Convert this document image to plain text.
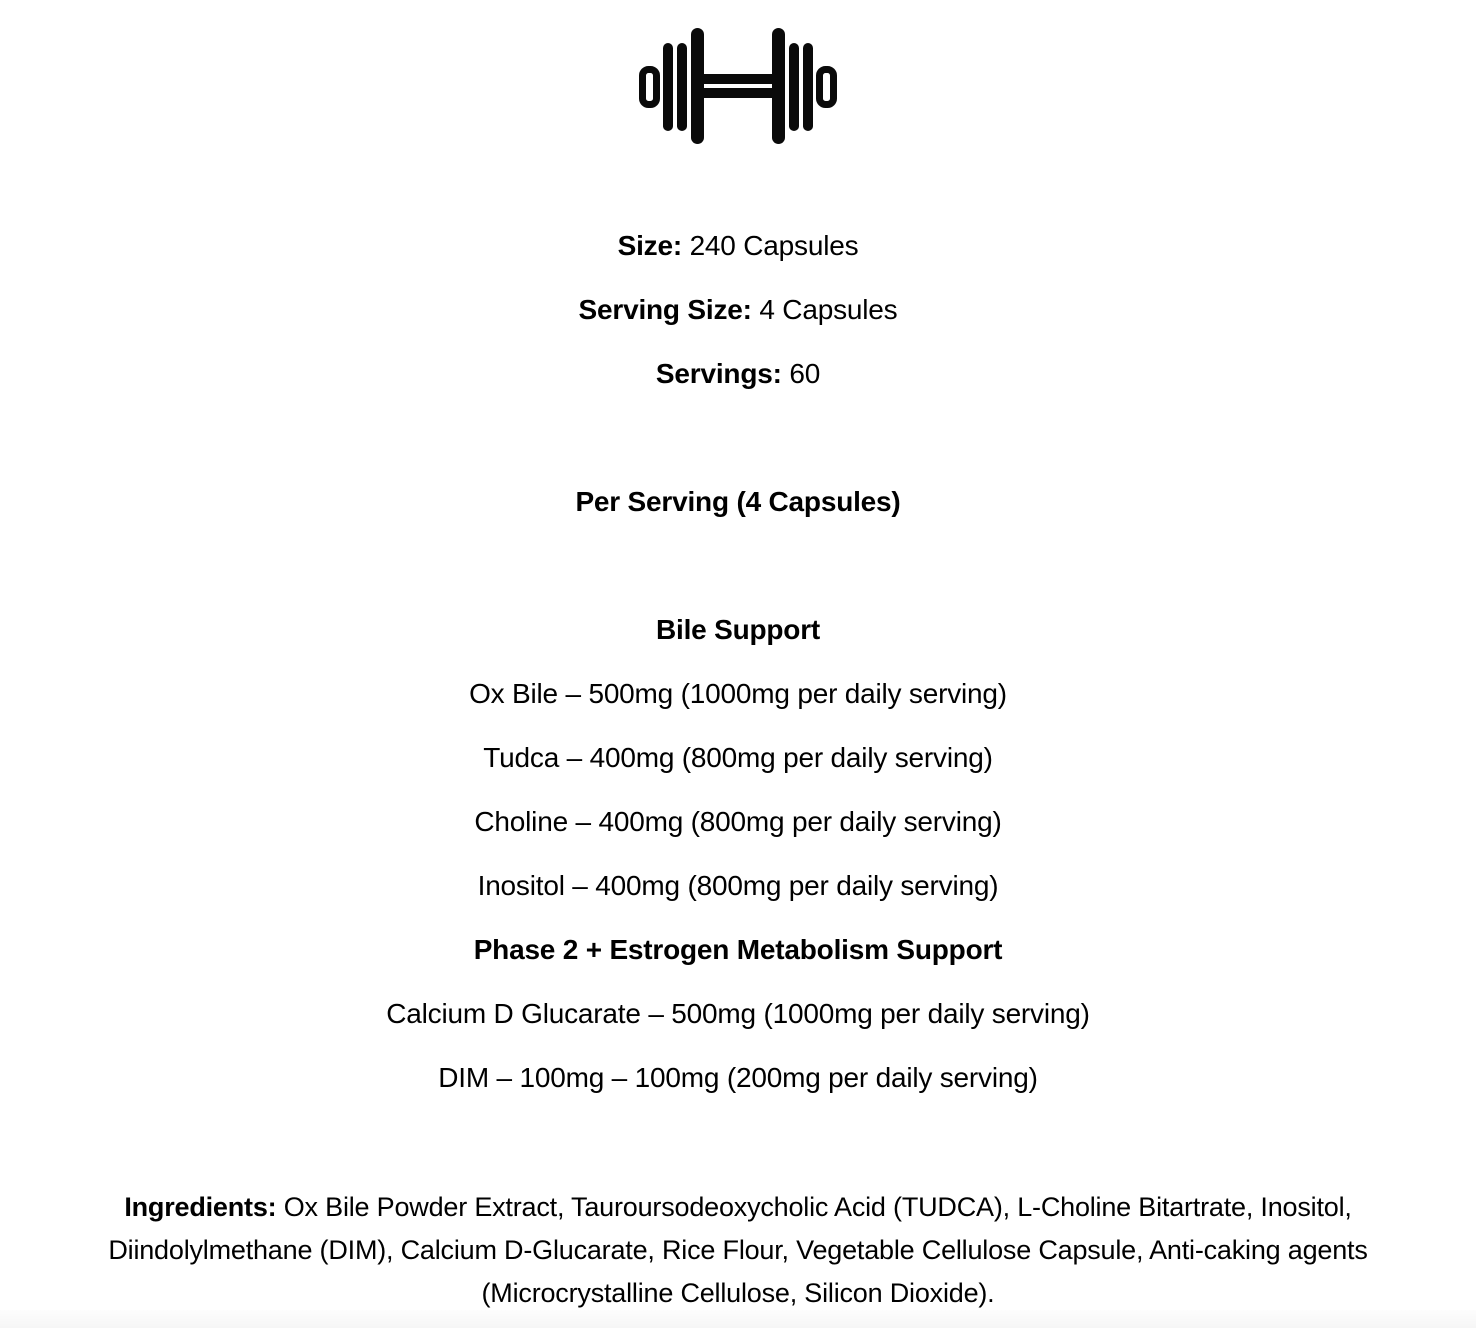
Size: 240 Capsules

Serving Size: 4 Capsules

Servings: 60

Per Serving (4 Capsules)

Bile Support

Ox Bile – 500mg (1000mg per daily serving)

Tudca – 400mg (800mg per daily serving)

Choline – 400mg (800mg per daily serving)

Inositol – 400mg (800mg per daily serving)

Phase 2 + Estrogen Metabolism Support

Calcium D Glucarate – 500mg (1000mg per daily serving)

DIM – 100mg – 100mg (200mg per daily serving)

Ingredients: Ox Bile Powder Extract, Tauroursodeoxycholic Acid (TUDCA), L-Choline Bitartrate, Inositol,
Diindolylmethane (DIM), Calcium D-Glucarate, Rice Flour, Vegetable Cellulose Capsule, Anti-caking agents
(Microcrystalline Cellulose, Silicon Dioxide).
